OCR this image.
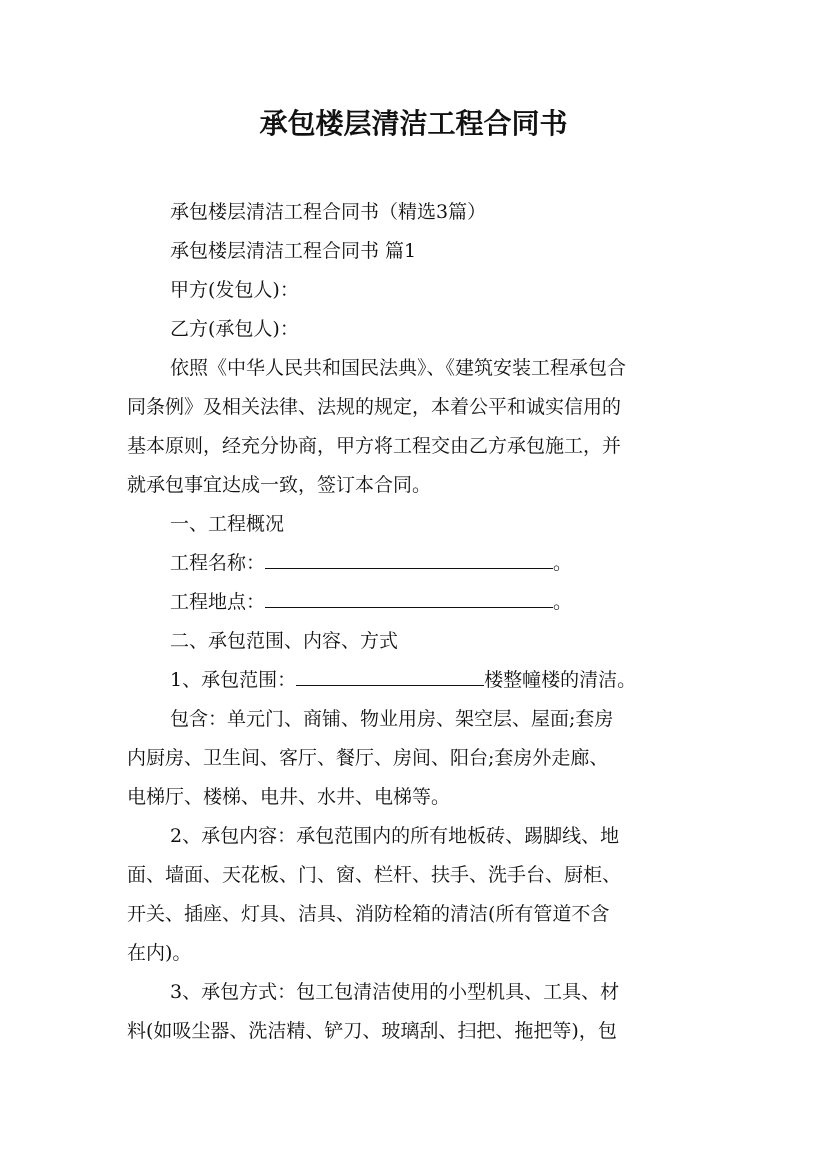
承包楼层清洁工程合同书
承包楼层清洁工程合同书（精选3篇）
承包楼层清洁工程合同书 篇1
甲方(发包人)：
乙方(承包人)：
依照《中华人民共和国民法典》、《建筑安装工程承包合
同条例》及相关法律、法规的规定，本着公平和诚实信用的
基本原则，经充分协商，甲方将工程交由乙方承包施工，并
就承包事宜达成一致，签订本合同。
一、工程概况
工程名称：	。
工程地点：	。
二、承包范围、内容、方式
1、承包范围：	楼整幢楼的清洁。
包含：单元门、商铺、物业用房、架空层、屋面;套房
内厨房、卫生间、客厅、餐厅、房间、阳台;套房外走廊、
电梯厅、楼梯、电井、水井、电梯等。
2、承包内容：承包范围内的所有地板砖、踢脚线、地
面、墙面、天花板、门、窗、栏杆、扶手、洗手台、厨柜、
开关、插座、灯具、洁具、消防栓箱的清洁(所有管道不含
在内)。
3、承包方式：包工包清洁使用的小型机具、工具、材
料(如吸尘器、洗洁精、铲刀、玻璃刮、扫把、拖把等)，包
